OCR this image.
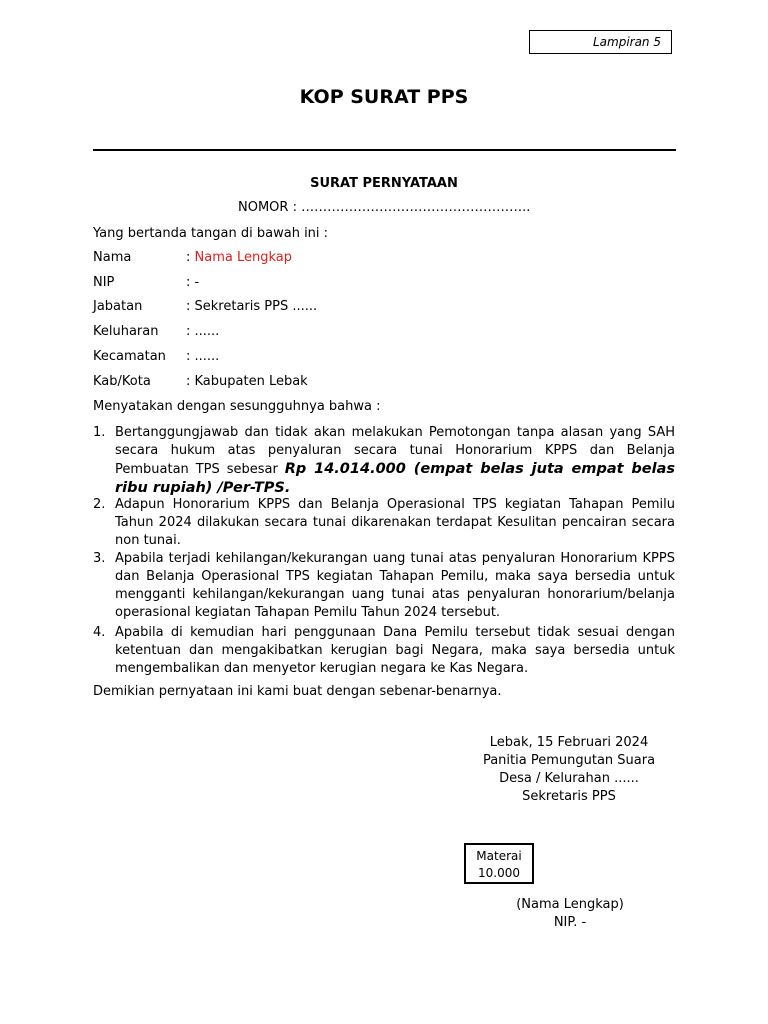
Lampiran 5
KOP SURAT PPS
SURAT PERNYATAAN
NOMOR : ……………………………………………..
Yang bertanda tangan di bawah ini :
Nama	: Nama Lengkap
NIP	: -
Jabatan	: Sekretaris PPS ......
Keluharan : ......
Kecamatan : ......
Kab/Kota	: Kabupaten Lebak
Menyatakan dengan sesungguhnya bahwa :
1. Bertanggungjawab dan tidak akan melakukan Pemotongan tanpa alasan yang SAH secara hukum atas penyaluran secara tunai Honorarium KPPS dan Belanja Pembuatan TPS sebesar Rp 14.014.000 (empat belas juta empat belas ribu rupiah) /Per-TPS.
2. Adapun Honorarium KPPS dan Belanja Operasional TPS kegiatan Tahapan Pemilu Tahun 2024 dilakukan secara tunai dikarenakan terdapat Kesulitan pencairan secara non tunai.
3. Apabila terjadi kehilangan/kekurangan uang tunai atas penyaluran Honorarium KPPS dan Belanja Operasional TPS kegiatan Tahapan Pemilu, maka saya bersedia untuk mengganti kehilangan/kekurangan uang tunai atas penyaluran honorarium/belanja operasional kegiatan Tahapan Pemilu Tahun 2024 tersebut.
4. Apabila di kemudian hari penggunaan Dana Pemilu tersebut tidak sesuai dengan ketentuan dan mengakibatkan kerugian bagi Negara, maka saya bersedia untuk mengembalikan dan menyetor kerugian negara ke Kas Negara.
Demikian pernyataan ini kami buat dengan sebenar-benarnya.
Lebak, 15 Februari 2024
Panitia Pemungutan Suara
Desa / Kelurahan ......
Sekretaris PPS
Materai
10.000
(Nama Lengkap)
NIP. -
